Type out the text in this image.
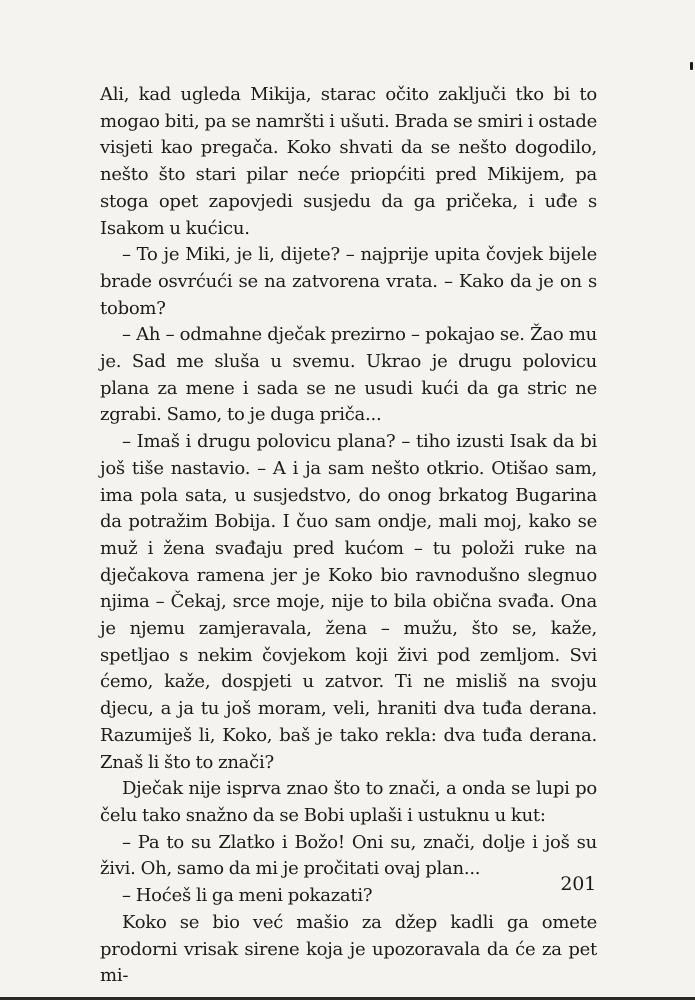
Ali, kad ugleda Mikija, starac očito zaključi tko bi to mogao biti, pa se namršti i ušuti. Brada se smiri i ostade visjeti kao pregača. Koko shvati da se nešto dogodilo, nešto što stari pilar neće priopćiti pred Mikijem, pa stoga opet zapovjedi susjedu da ga pričeka, i uđe s Isakom u kućicu.

– To je Miki, je li, dijete? – najprije upita čovjek bijele brade osvrćući se na zatvorena vrata. – Kako da je on s tobom?

– Ah – odmahne dječak prezirno – pokajao se. Žao mu je. Sad me sluša u svemu. Ukrao je drugu polovicu plana za mene i sada se ne usudi kući da ga stric ne zgrabi. Samo, to je duga priča...

– Imaš i drugu polovicu plana? – tiho izusti Isak da bi još tiše nastavio. – A i ja sam nešto otkrio. Otišao sam, ima pola sata, u susjedstvo, do onog brkatog Bugarina da potražim Bobija. I čuo sam ondje, mali moj, kako se muž i žena svađaju pred kućom – tu položi ruke na dječakova ramena jer je Koko bio ravnodušno slegnuo njima – Čekaj, srce moje, nije to bila obična svađa. Ona je njemu zamjeravala, žena – mužu, što se, kaže, spetljao s nekim čovjekom koji živi pod zemljom. Svi ćemo, kaže, dospjeti u zatvor. Ti ne misliš na svoju djecu, a ja tu još moram, veli, hraniti dva tuđa derana. Razumiješ li, Koko, baš je tako rekla: dva tuđa derana. Znaš li što to znači?

Dječak nije isprva znao što to znači, a onda se lupi po čelu tako snažno da se Bobi uplaši i ustuknu u kut:

– Pa to su Zlatko i Božo! Oni su, znači, dolje i još su živi. Oh, samo da mi je pročitati ovaj plan...

– Hoćeš li ga meni pokazati?

Koko se bio već mašio za džep kadli ga omete prodorni vrisak sirene koja je upozoravala da će za pet mi-

201
